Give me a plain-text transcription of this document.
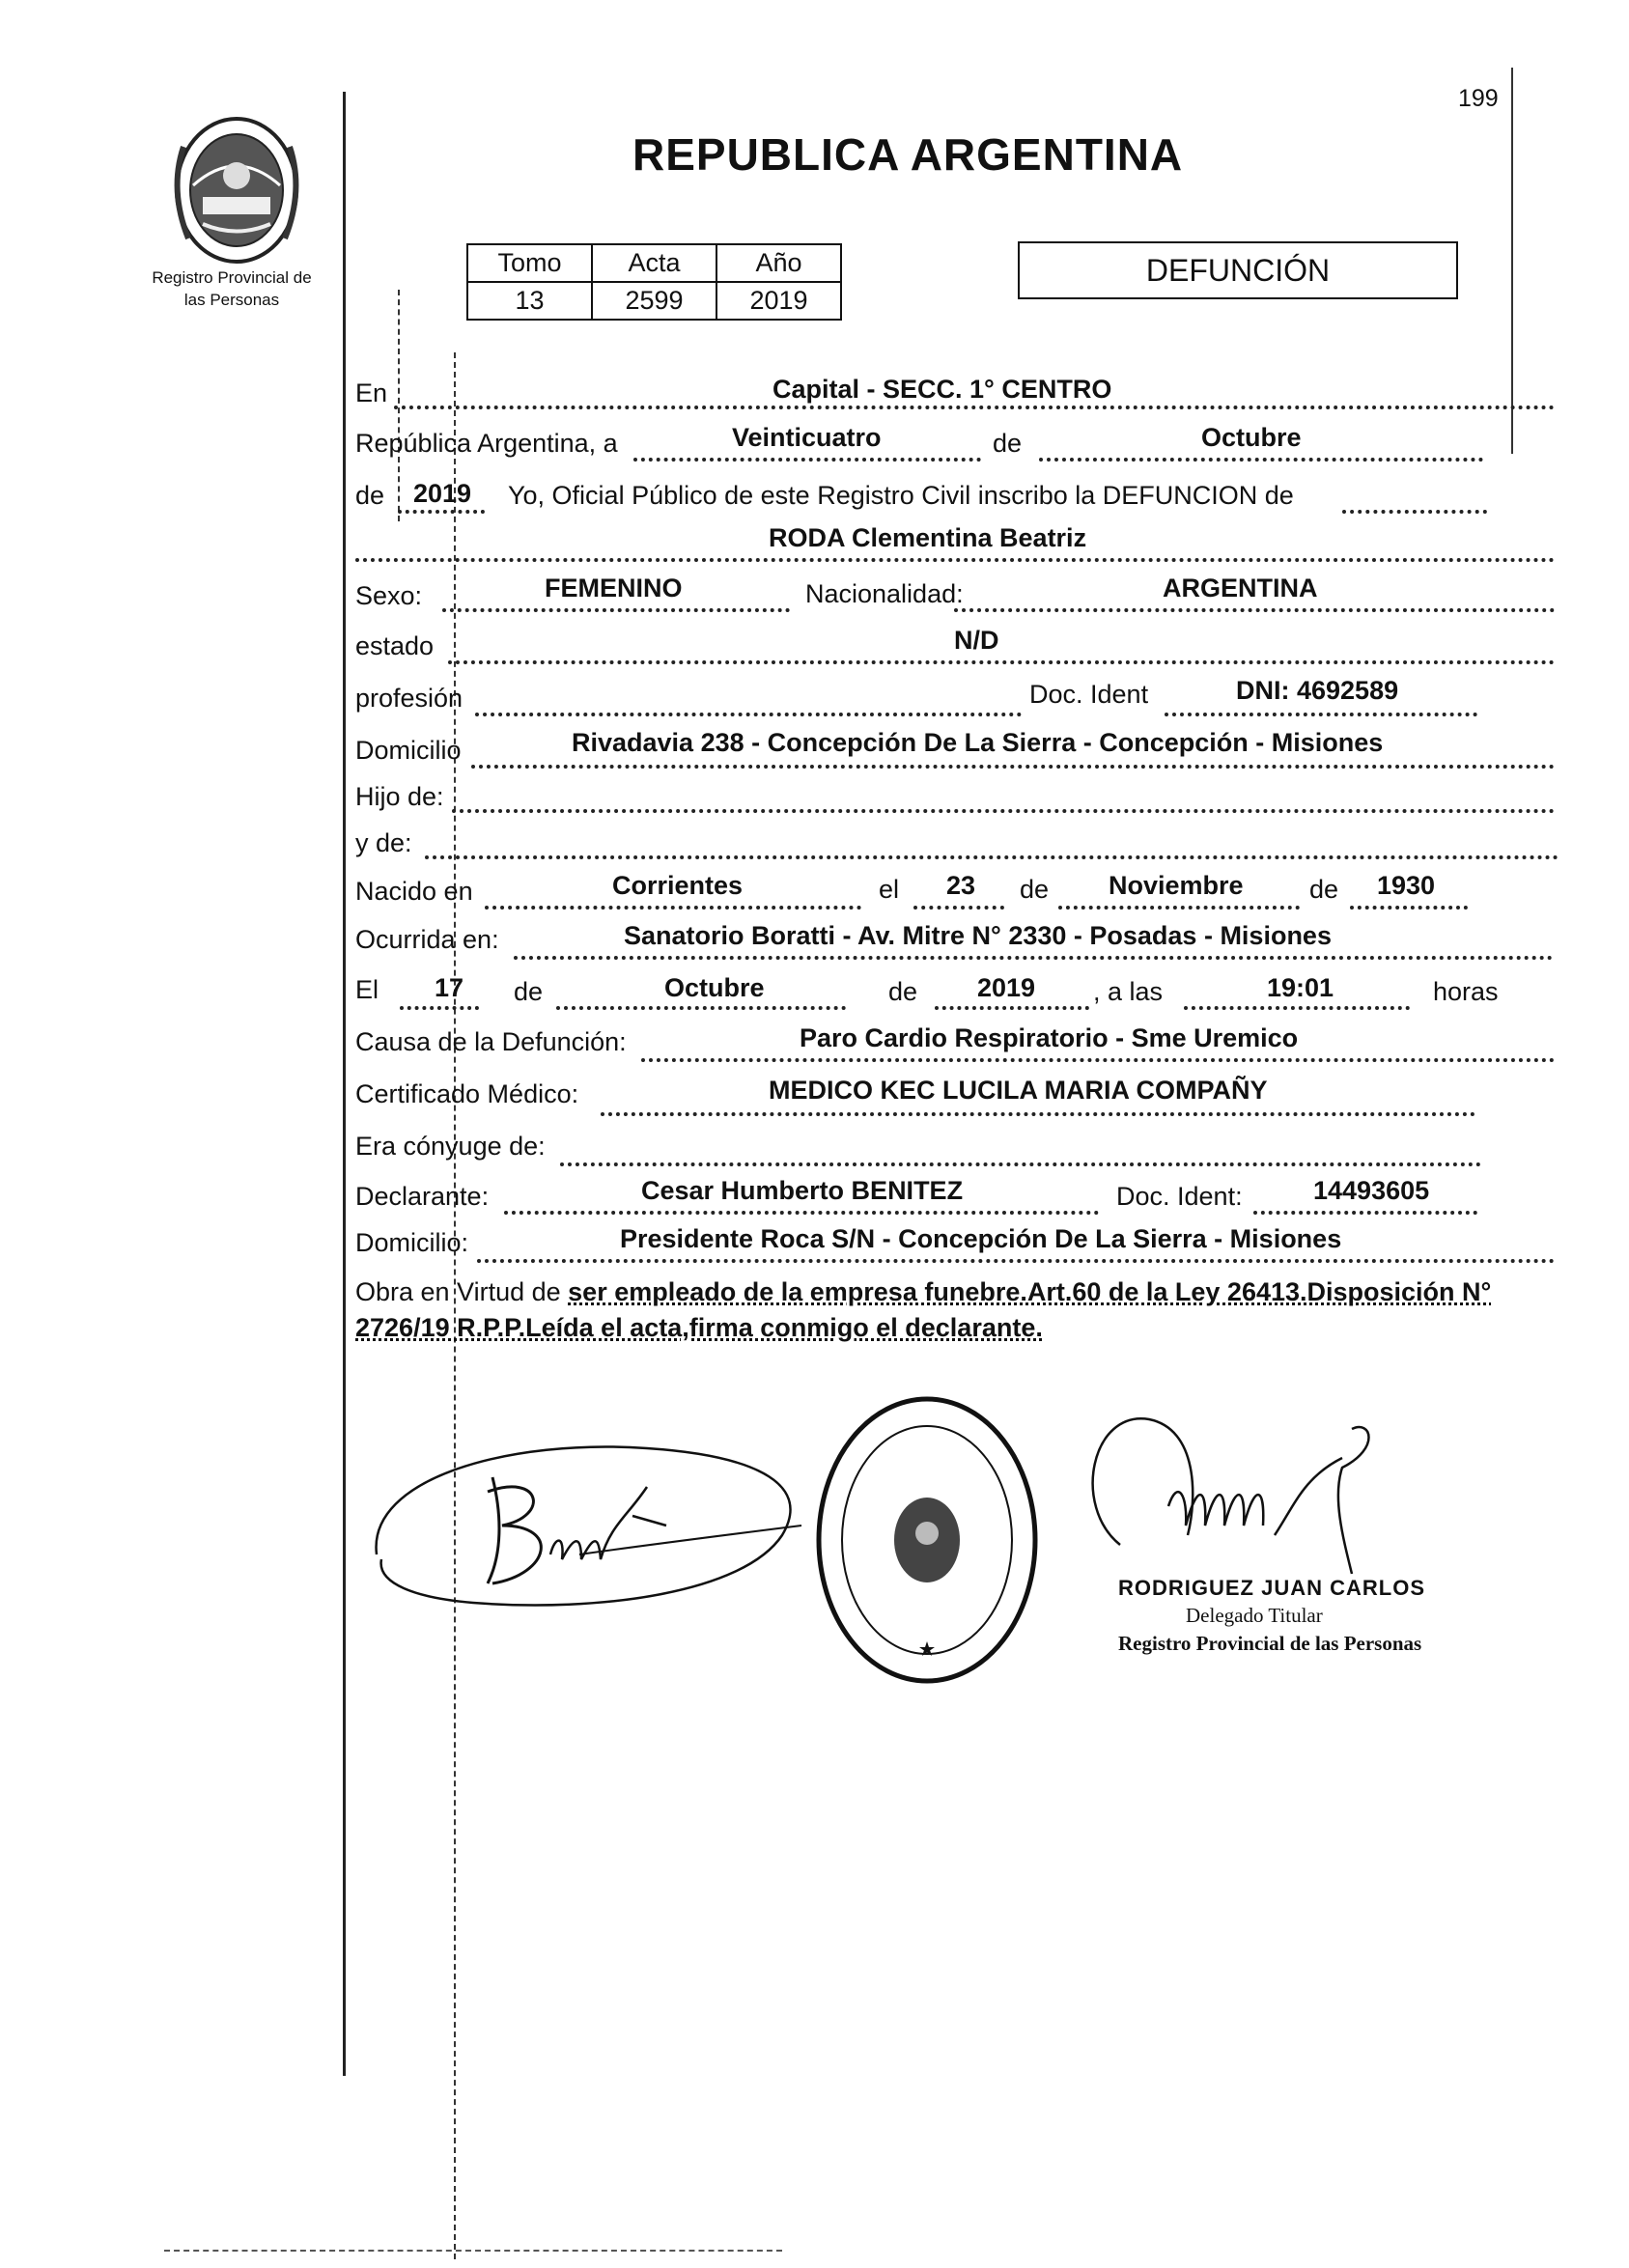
Registro Provincial de
las Personas
199
REPUBLICA ARGENTINA
Tomo	Acta	Año
13	2599	2019
DEFUNCIÓN
En	Capital - SECC. 1° CENTRO
República Argentina, a	Veinticuatro	de	Octubre
de 2019 Yo, Oficial Público de este Registro Civil inscribo la DEFUNCION de
RODA Clementina Beatriz
Sexo:	FEMENINO	Nacionalidad:	ARGENTINA
estado	N/D
profesión	Doc. Ident	DNI: 4692589
Domicilio	Rivadavia 238 - Concepción De La Sierra - Concepción - Misiones
Hijo de:
y de:
Nacido en	Corrientes	el 23 de Noviembre	de 1930
Ocurrida en:	Sanatorio Boratti - Av. Mitre N° 2330 - Posadas - Misiones
El 17 de	Octubre	de 2019 , a las	19:01	horas
Causa de la Defunción:	Paro Cardio Respiratorio - Sme Uremico
Certificado Médico:	MEDICO KEC LUCILA MARIA COMPAÑY
Era cónyuge de:
Declarante:	Cesar Humberto BENITEZ	Doc. Ident:	14493605
Domicilio:	Presidente Roca S/N - Concepción De La Sierra - Misiones
Obra en Virtud de ser empleado de la empresa funebre.Art.60 de la Ley 26413.Disposición N° 2726/19 R.P.P.Leída el acta,firma conmigo el declarante.
RODRIGUEZ JUAN CARLOS
Delegado Titular
Registro Provincial de las Personas
